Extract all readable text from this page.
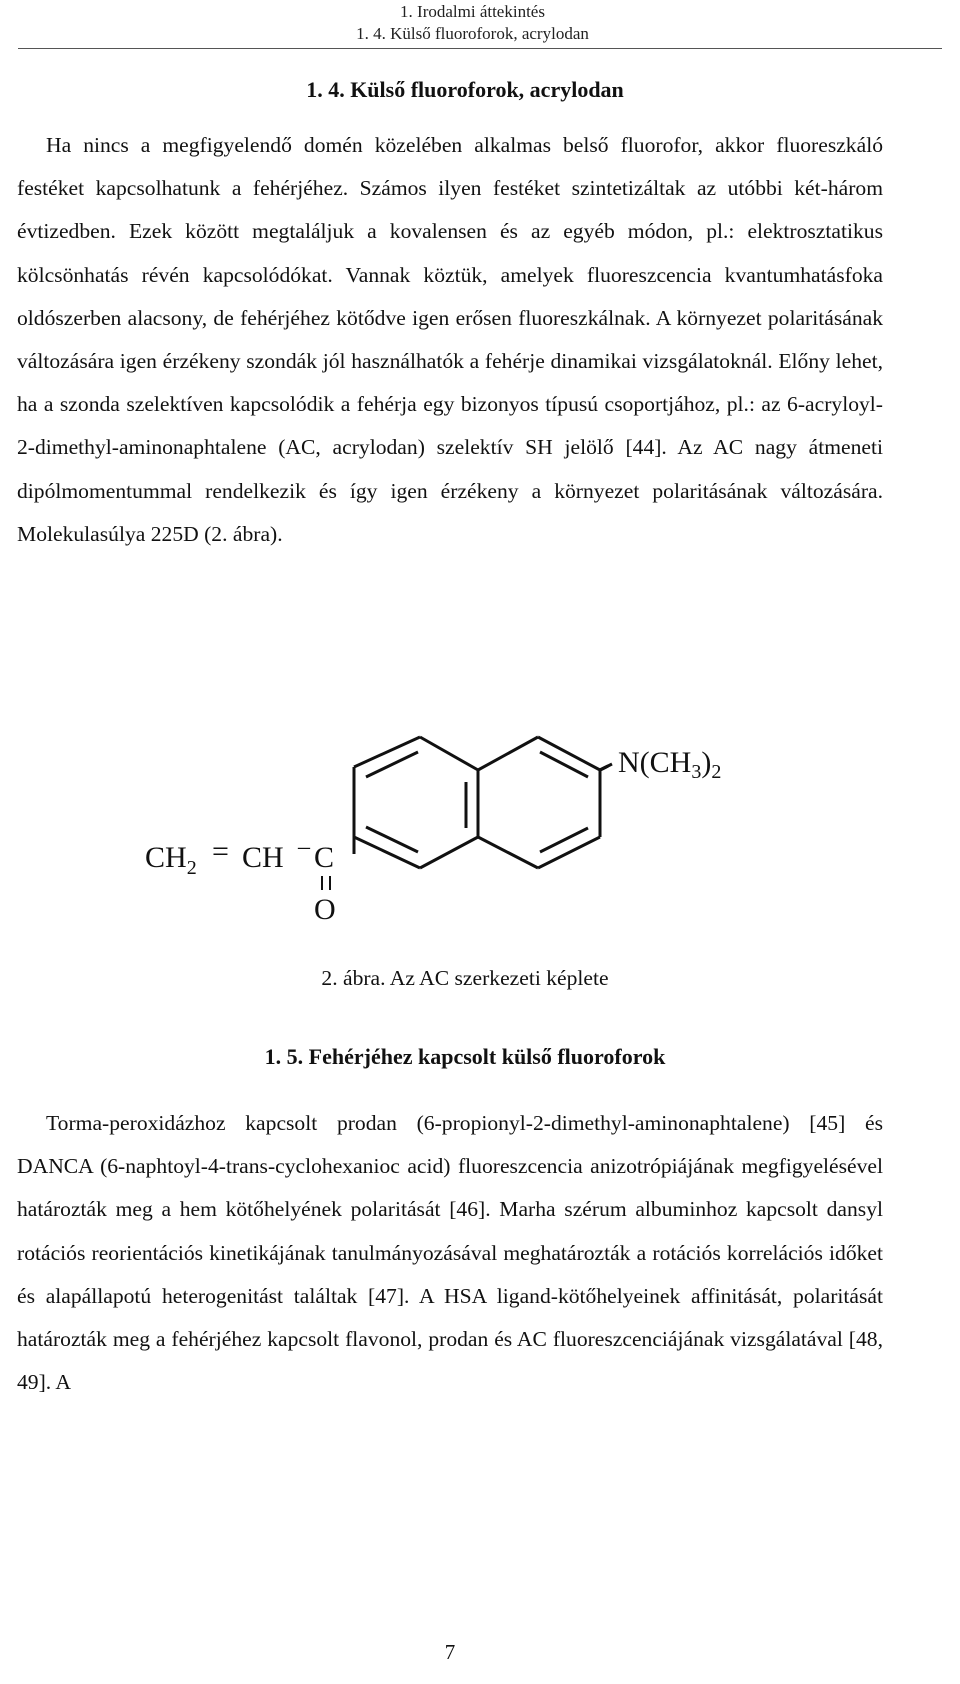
1. Irodalmi áttekintés
1. 4. Külső fluoroforok, acrylodan
1. 4. Külső fluoroforok, acrylodan

Ha nincs a megfigyelendő domén közelében alkalmas belső fluorofor, akkor fluoreszkáló festéket kapcsolhatunk a fehérjéhez. Számos ilyen festéket szintetizáltak az utóbbi két-három évtizedben. Ezek között megtaláljuk a kovalensen és az egyéb módon, pl.: elektrosztatikus kölcsönhatás révén kapcsolódókat. Vannak köztük, amelyek fluoreszcencia kvantumhatásfoka oldószerben alacsony, de fehérjéhez kötődve igen erősen fluoreszkálnak. A környezet polaritásának változására igen érzékeny szondák jól használhatók a fehérje dinamikai vizsgálatoknál. Előny lehet, ha a szonda szelektíven kapcsolódik a fehérja egy bizonyos típusú csoportjához, pl.: az 6-acryloyl-2-dimethyl-aminonaphtalene (AC, acrylodan) szelektív SH jelölő [44]. Az AC nagy átmeneti dipólmomentummal rendelkezik és így igen érzékeny a környezet polaritásának változására. Molekulasúlya 225D (2. ábra).

$N(CH_3)_2$
$CH_2$ = CH – C
O
2. ábra. Az AC szerkezeti képlete
1. 5. Fehérjéhez kapcsolt külső fluoroforok

Torma-peroxidázhoz kapcsolt prodan (6-propionyl-2-dimethyl-aminonaphtalene) [45] és DANCA (6-naphtoyl-4-trans-cyclohexanioc acid) fluoreszcencia anizotrópiájának megfigyelésével határozták meg a hem kötőhelyének polaritását [46]. Marha szérum albuminhoz kapcsolt dansyl rotációs reorientációs kinetikájának tanulmányozásával meghatározták a rotációs korrelációs időket és alapállapotú heterogenitást találtak [47]. A HSA ligand-kötőhelyeinek affinitását, polaritását határozták meg a fehérjéhez kapcsolt flavonol, prodan és AC fluoreszcenciájának vizsgálatával [48, 49]. A

7
